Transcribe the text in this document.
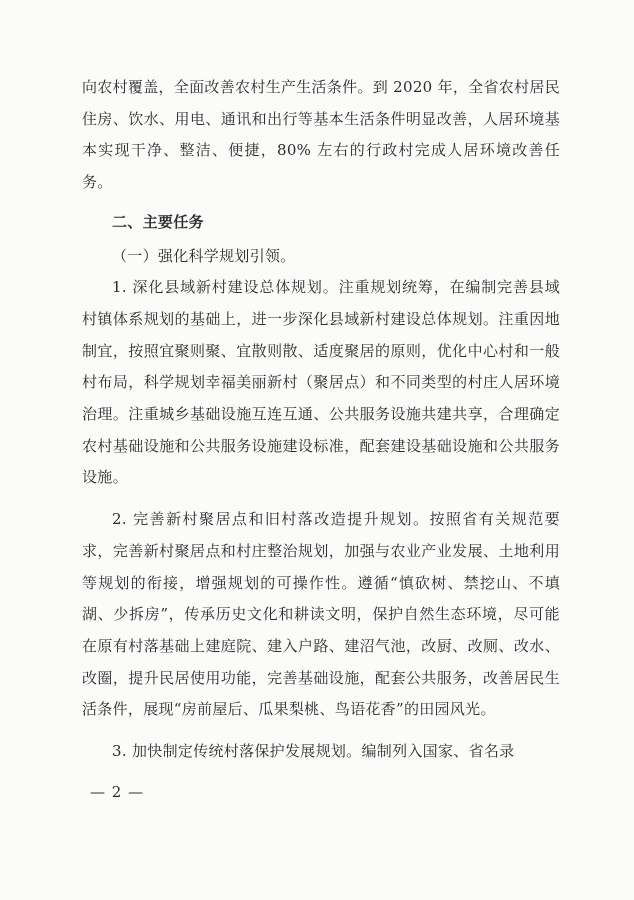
向农村覆盖，全面改善农村生产生活条件。到 2020 年，全省农村居民住房、饮水、用电、通讯和出行等基本生活条件明显改善，人居环境基本实现干净、整洁、便捷，80% 左右的行政村完成人居环境改善任务。

二、主要任务

（一）强化科学规划引领。

1. 深化县域新村建设总体规划。注重规划统筹，在编制完善县域村镇体系规划的基础上，进一步深化县域新村建设总体规划。注重因地制宜，按照宜聚则聚、宜散则散、适度聚居的原则，优化中心村和一般村布局，科学规划幸福美丽新村（聚居点）和不同类型的村庄人居环境治理。注重城乡基础设施互连互通、公共服务设施共建共享，合理确定农村基础设施和公共服务设施建设标准，配套建设基础设施和公共服务设施。

2. 完善新村聚居点和旧村落改造提升规划。按照省有关规范要求，完善新村聚居点和村庄整治规划，加强与农业产业发展、土地利用等规划的衔接，增强规划的可操作性。遵循“慎砍树、禁挖山、不填湖、少拆房”，传承历史文化和耕读文明，保护自然生态环境，尽可能在原有村落基础上建庭院、建入户路、建沼气池，改厨、改厕、改水、改圈，提升民居使用功能，完善基础设施，配套公共服务，改善居民生活条件，展现“房前屋后、瓜果梨桃、鸟语花香”的田园风光。

3. 加快制定传统村落保护发展规划。编制列入国家、省名录

— 2 —
